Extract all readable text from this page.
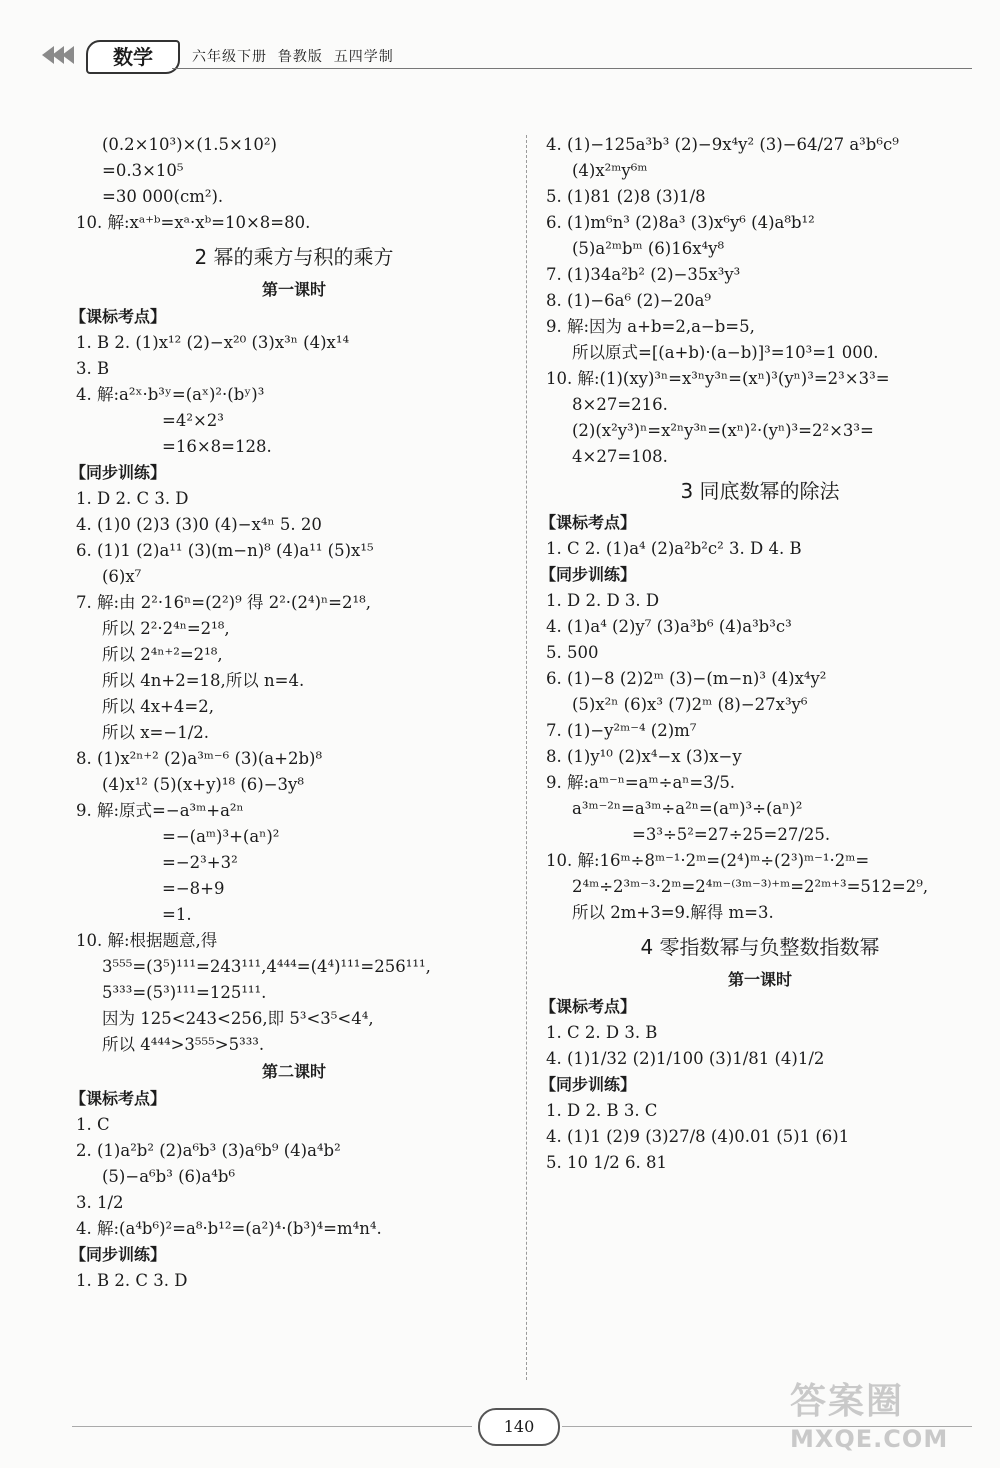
数学	六年级下册  鲁教版  五四学制
(0.2×10³)×(1.5×10²)
=0.3×10⁵
=30 000(cm²).
10. 解:xᵃ⁺ᵇ=xᵃ·xᵇ=10×8=80.
2 幂的乘方与积的乘方
第一课时
【课标考点】
1. B 2. (1)x¹² (2)−x²⁰ (3)x³ⁿ (4)x¹⁴
3. B
4. 解:a²ˣ·b³ʸ=(aˣ)²·(bʸ)³
=4²×2³
=16×8=128.
【同步训练】
1. D 2. C 3. D
4. (1)0 (2)3 (3)0 (4)−x⁴ⁿ 5. 20
6. (1)1 (2)a¹¹ (3)(m−n)⁸ (4)a¹¹ (5)x¹⁵
(6)x⁷
7. 解:由 2²·16ⁿ=(2²)⁹ 得 2²·(2⁴)ⁿ=2¹⁸,
所以 2²·2⁴ⁿ=2¹⁸,
所以 2⁴ⁿ⁺²=2¹⁸,
所以 4n+2=18,所以 n=4.
所以 4x+4=2,
所以 x=−1/2.
8. (1)x²ⁿ⁺² (2)a³ᵐ⁻⁶ (3)(a+2b)⁸
(4)x¹² (5)(x+y)¹⁸ (6)−3y⁸
9. 解:原式=−a³ᵐ+a²ⁿ
=−(aᵐ)³+(aⁿ)²
=−2³+3²
=−8+9
=1.
10. 解:根据题意,得
3⁵⁵⁵=(3⁵)¹¹¹=243¹¹¹,4⁴⁴⁴=(4⁴)¹¹¹=256¹¹¹,
5³³³=(5³)¹¹¹=125¹¹¹.
因为 125<243<256,即 5³<3⁵<4⁴,
所以 4⁴⁴⁴>3⁵⁵⁵>5³³³.
第二课时
【课标考点】
1. C
2. (1)a²b² (2)a⁶b³ (3)a⁶b⁹ (4)a⁴b²
(5)−a⁶b³ (6)a⁴b⁶
3. 1/2
4. 解:(a⁴b⁶)²=a⁸·b¹²=(a²)⁴·(b³)⁴=m⁴n⁴.
【同步训练】
1. B 2. C 3. D
4. (1)−125a³b³ (2)−9x⁴y² (3)−64/27 a³b⁶c⁹
(4)x²ᵐy⁶ᵐ
5. (1)81 (2)8 (3)1/8
6. (1)m⁶n³ (2)8a³ (3)x⁶y⁶ (4)a⁸b¹²
(5)a²ᵐbᵐ (6)16x⁴y⁸
7. (1)34a²b² (2)−35x³y³
8. (1)−6a⁶ (2)−20a⁹
9. 解:因为 a+b=2,a−b=5,
所以原式=[(a+b)·(a−b)]³=10³=1 000.
10. 解:(1)(xy)³ⁿ=x³ⁿy³ⁿ=(xⁿ)³(yⁿ)³=2³×3³=
8×27=216.
(2)(x²y³)ⁿ=x²ⁿy³ⁿ=(xⁿ)²·(yⁿ)³=2²×3³=
4×27=108.
3 同底数幂的除法
【课标考点】
1. C 2. (1)a⁴ (2)a²b²c² 3. D 4. B
【同步训练】
1. D 2. D 3. D
4. (1)a⁴ (2)y⁷ (3)a³b⁶ (4)a³b³c³
5. 500
6. (1)−8 (2)2ᵐ (3)−(m−n)³ (4)x⁴y²
(5)x²ⁿ (6)x³ (7)2ᵐ (8)−27x³y⁶
7. (1)−y²ᵐ⁻⁴ (2)m⁷
8. (1)y¹⁰ (2)x⁴−x (3)x−y
9. 解:aᵐ⁻ⁿ=aᵐ÷aⁿ=3/5.
a³ᵐ⁻²ⁿ=a³ᵐ÷a²ⁿ=(aᵐ)³÷(aⁿ)²
=3³÷5²=27÷25=27/25.
10. 解:16ᵐ÷8ᵐ⁻¹·2ᵐ=(2⁴)ᵐ÷(2³)ᵐ⁻¹·2ᵐ=
2⁴ᵐ÷2³ᵐ⁻³·2ᵐ=2⁴ᵐ⁻⁽³ᵐ⁻³⁾⁺ᵐ=2²ᵐ⁺³=512=2⁹,
所以 2m+3=9.解得 m=3.
4 零指数幂与负整数指数幂
第一课时
【课标考点】
1. C 2. D 3. B
4. (1)1/32 (2)1/100 (3)1/81 (4)1/2
【同步训练】
1. D 2. B 3. C
4. (1)1 (2)9 (3)27/8 (4)0.01 (5)1 (6)1
5. 10 1/2 6. 81
140
答案圈
MXQE.COM
